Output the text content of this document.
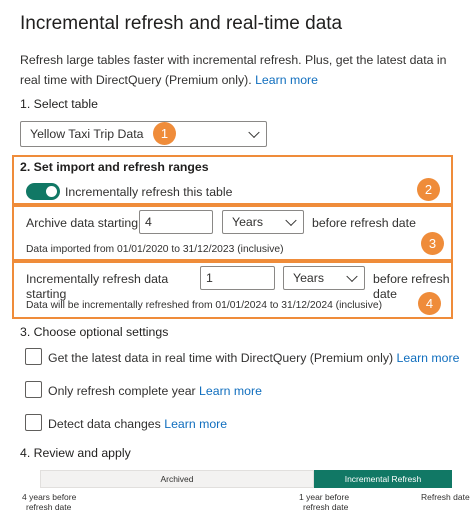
Incremental refresh and real-time data
Refresh large tables faster with incremental refresh. Plus, get the latest data in real time with DirectQuery (Premium only). Learn more
1. Select table
Yellow Taxi Trip Data	1
2. Set import and refresh ranges
Incrementally refresh this table	2
Archive data starting 4	Years	before refresh date
Data imported from 01/01/2020 to 31/12/2023 (inclusive)	3
Incrementally refresh data
starting
1	Years	before refresh
date
Data will be incrementally refreshed from 01/01/2024 to 31/12/2024 (inclusive)	4
3. Choose optional settings
Get the latest data in real time with DirectQuery (Premium only) Learn more
Only refresh complete year Learn more
Detect data changes Learn more
4. Review and apply
Archived	Incremental Refresh
4 years before
refresh date
1 year before
refresh date
Refresh date
